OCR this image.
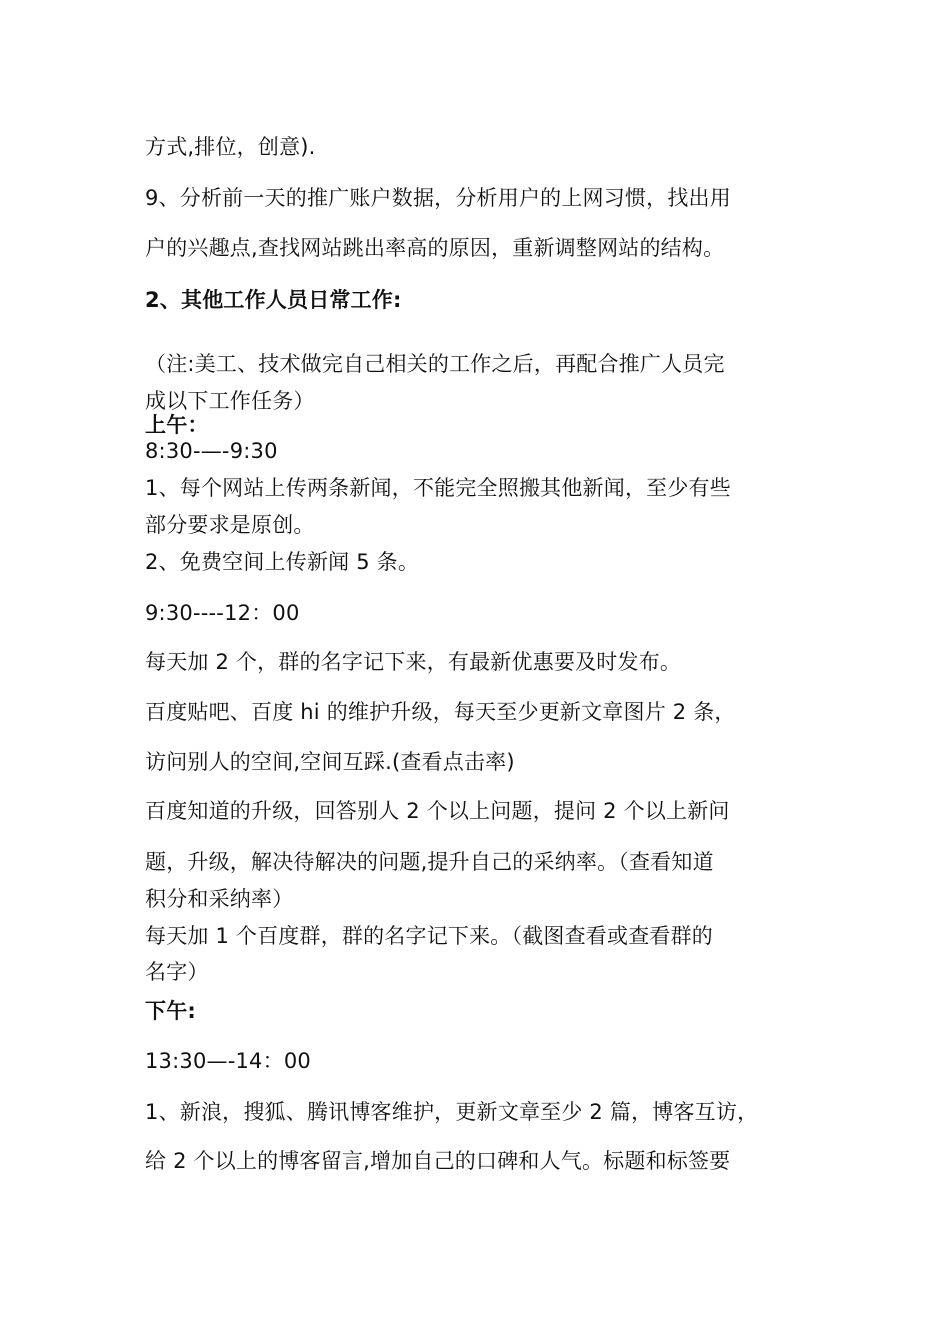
方式,排位，创意).
9、分析前一天的推广账户数据，分析用户的上网习惯，找出用
户的兴趣点,查找网站跳出率高的原因，重新调整网站的结构。
2、其他工作人员日常工作:
（注:美工、技术做完自己相关的工作之后，再配合推广人员完
成以下工作任务）
上午：
8:30-—-9:30
1、每个网站上传两条新闻，不能完全照搬其他新闻，至少有些
部分要求是原创。
2、免费空间上传新闻 5 条。
9:30----12：00
每天加 2 个，群的名字记下来，有最新优惠要及时发布。
百度贴吧、百度 hi 的维护升级，每天至少更新文章图片 2 条，
访问别人的空间,空间互踩.(查看点击率)
百度知道的升级，回答别人 2 个以上问题，提问 2 个以上新问
题，升级，解决待解决的问题,提升自己的采纳率。（查看知道
积分和采纳率）
每天加 1 个百度群，群的名字记下来。（截图查看或查看群的
名字）
下午:
13:30—-14：00
1、新浪，搜狐、腾讯博客维护，更新文章至少 2 篇，博客互访，
给 2 个以上的博客留言,增加自己的口碑和人气。标题和标签要
